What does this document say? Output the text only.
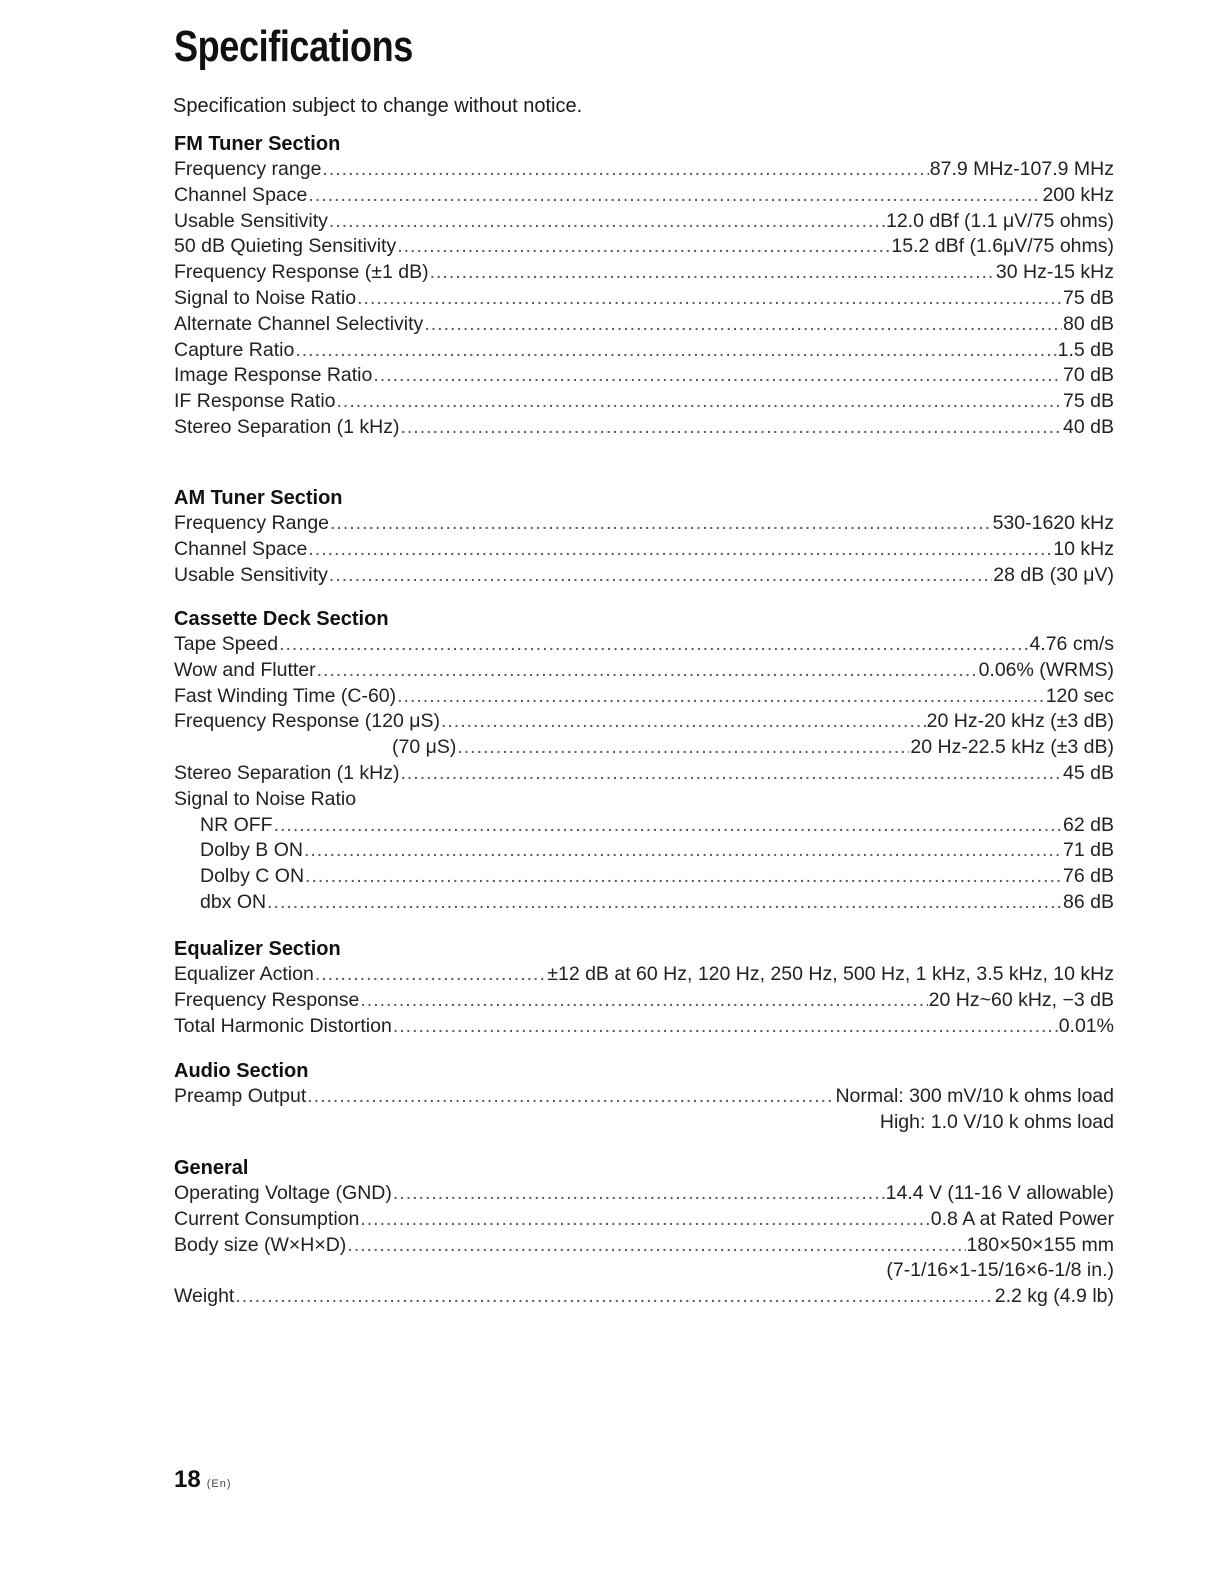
Specifications
Specification subject to change without notice.
FM Tuner Section
Frequency range .....	87.9 MHz-107.9 MHz
Channel Space .....	200 kHz
Usable Sensitivity .....	12.0 dBf (1.1 μV/75 ohms)
50 dB Quieting Sensitivity .....	15.2 dBf (1.6μV/75 ohms)
Frequency Response (±1 dB) .....	30 Hz-15 kHz
Signal to Noise Ratio .....	75 dB
Alternate Channel Selectivity .....	80 dB
Capture Ratio .....	1.5 dB
Image Response Ratio .....	70 dB
IF Response Ratio .....	75 dB
Stereo Separation (1 kHz) .....	40 dB
AM Tuner Section
Frequency Range .....	530-1620 kHz
Channel Space .....	10 kHz
Usable Sensitivity .....	28 dB (30 μV)
Cassette Deck Section
Tape Speed .....	4.76 cm/s
Wow and Flutter .....	0.06% (WRMS)
Fast Winding Time (C-60) .....	120 sec
Frequency Response (120 μS) .....	20 Hz-20 kHz (±3 dB)
(70 μS) .....	20 Hz-22.5 kHz (±3 dB)
Stereo Separation (1 kHz) .....	45 dB
Signal to Noise Ratio
NR OFF .....	62 dB
Dolby B ON .....	71 dB
Dolby C ON .....	76 dB
dbx ON .....	86 dB
Equalizer Section
Equalizer Action .....	±12 dB at 60 Hz, 120 Hz, 250 Hz, 500 Hz, 1 kHz, 3.5 kHz, 10 kHz
Frequency Response .....	20 Hz~60 kHz, −3 dB
Total Harmonic Distortion .....	0.01%
Audio Section
Preamp Output .....	Normal: 300 mV/10 k ohms load
High: 1.0 V/10 k ohms load
General
Operating Voltage (GND) .....	14.4 V (11-16 V allowable)
Current Consumption .....	0.8 A at Rated Power
Body size (W×H×D) .....	180×50×155 mm
(7-1/16×1-15/16×6-1/8 in.)
Weight .....	2.2 kg (4.9 lb)
18 (En)
